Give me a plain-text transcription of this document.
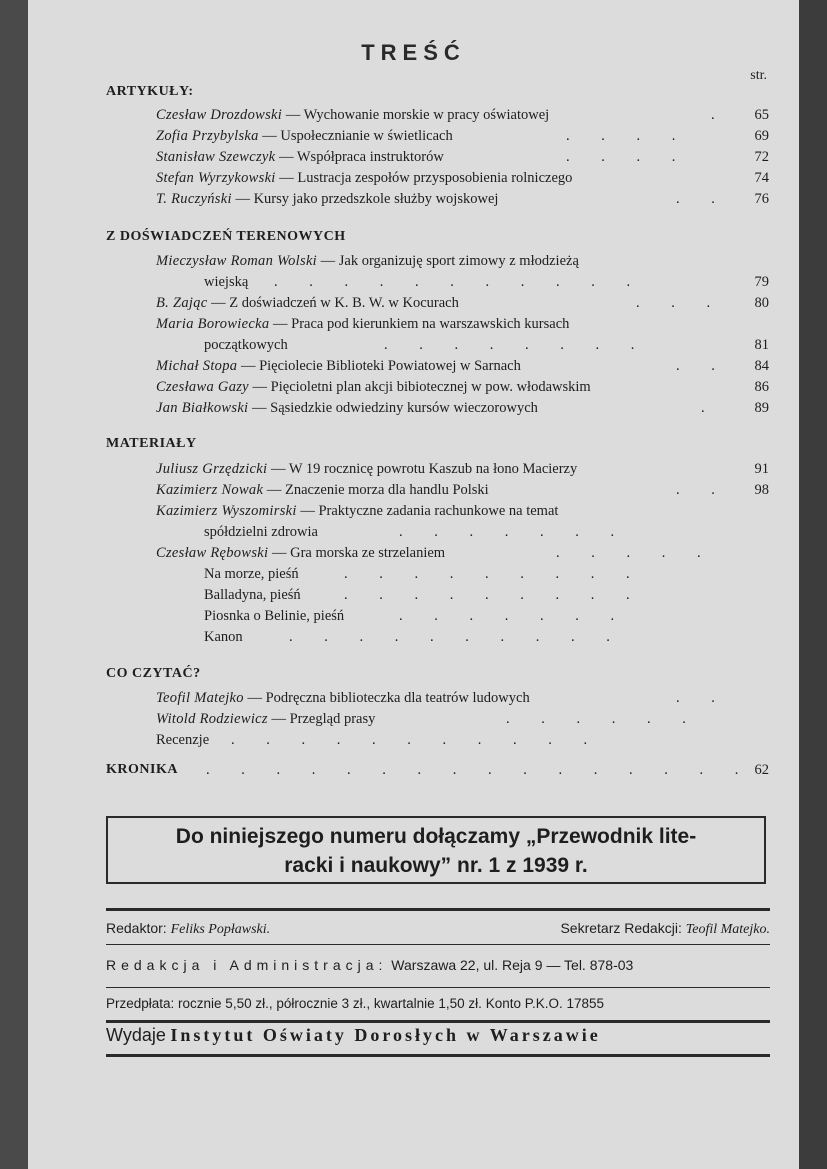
TREŚĆ
str.
ARTYKUŁY:
Czesław Drozdowski — Wychowanie morskie w pracy oświatowej	. 65
Zofia Przybylska — Uspołecznianie w świetlicach	. . . .	69
Stanisław Szewczyk — Współpraca instruktorów	. . . .	72
Stefan Wyrzykowski — Lustracja zespołów przysposobienia rolniczego	74
T. Ruczyński — Kursy jako przedszkole służby wojskowej	. . 76
Z DOŚWIADCZEŃ TERENOWYCH
Mieczysław Roman Wolski — Jak organizuję sport zimowy z młodzieżą
wiejską . . . . . . . . . . .	79
B. Zając — Z doświadczeń w K. B. W. w Kocurach	. . . 80
Maria Borowiecka — Praca pod kierunkiem na warszawskich kursach
początkowych	. . . . . . . .	81
Michał Stopa — Pięciolecie Biblioteki Powiatowej w Sarnach	. . 84
Czesława Gazy — Pięcioletni plan akcji bibiotecznej w pow. włodawskim	86
Jan Białkowski — Sąsiedzkie odwiedziny kursów wieczorowych	. 89
MATERIAŁY
Juliusz Grzędzicki — W 19 rocznicę powrotu Kaszub na łono Macierzy	91
Kazimierz Nowak — Znaczenie morza dla handlu Polski	. . 98
Kazimierz Wyszomirski — Praktyczne zadania rachunkowe na temat
spółdzielni zdrowia	. . . . . . .
Czesław Rębowski — Gra morska ze strzelaniem	. . . . .
Na morze, pieśń	. . . . . . . . .
Balladyna, pieśń	. . . . . . . . .
Piosnka o Belinie, pieśń	. . . . . . .
Kanon	. . . . . . . . . .
CO CZYTAĆ?
Teofil Matejko — Podręczna biblioteczka dla teatrów ludowych	. .
Witold Rodziewicz — Przegląd prasy	. . . . . .
Recenzje . . . . . . . . . . .
KRONIKA . . . . . . . . . . . . . . . . 62
Do niniejszego numeru dołączamy „Przewodnik lite-
racki i naukowy” nr. 1 z 1939 r.
Redaktor: Feliks Popławski.	Sekretarz Redakcji: Teofil Matejko.
Redakcja i Administracja: Warszawa 22, ul. Reja 9 — Tel. 878-03
Przedpłata: rocznie 5,50 zł., półrocznie 3 zł., kwartalnie 1,50 zł. Konto P.K.O. 17855
Wydaje Instytut Oświaty Dorosłych w Warszawie
